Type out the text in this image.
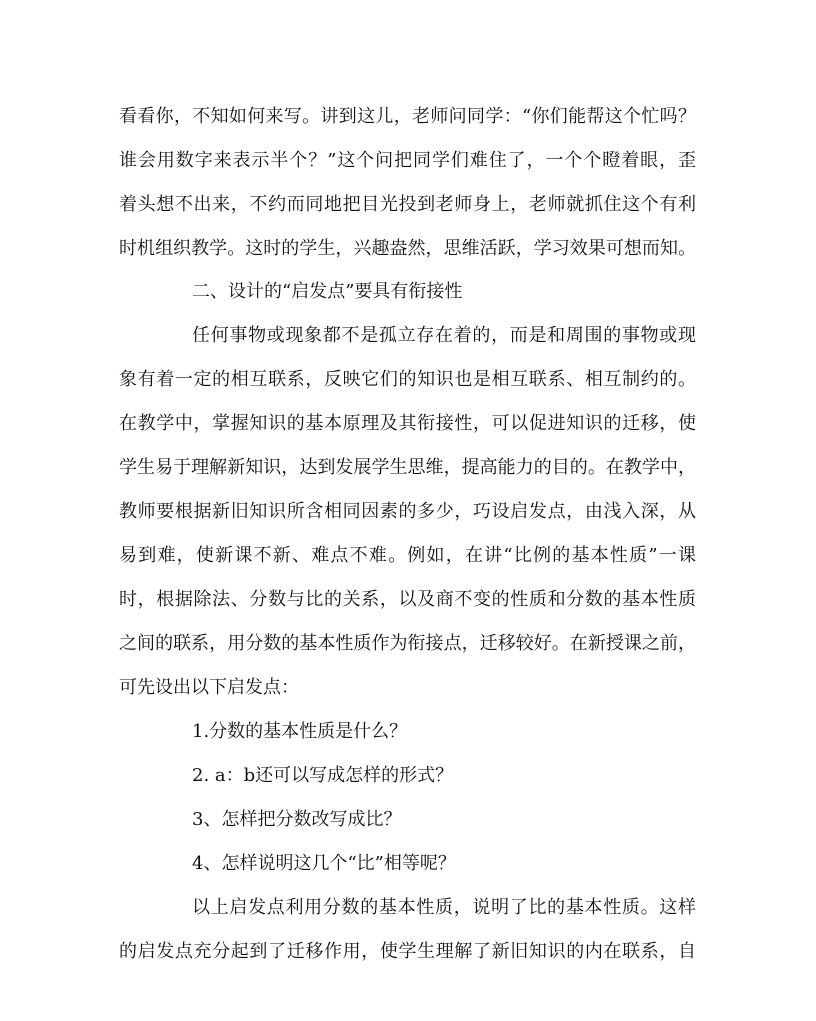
看看你，不知如何来写。讲到这儿，老师问同学：“你们能帮这个忙吗？
谁会用数字来表示半个？”这个问把同学们难住了，一个个瞪着眼，歪
着头想不出来，不约而同地把目光投到老师身上，老师就抓住这个有利
时机组织教学。这时的学生，兴趣盎然，思维活跃，学习效果可想而知。
二、设计的“启发点”要具有衔接性
任何事物或现象都不是孤立存在着的，而是和周围的事物或现
象有着一定的相互联系，反映它们的知识也是相互联系、相互制约的。
在教学中，掌握知识的基本原理及其衔接性，可以促进知识的迁移，使
学生易于理解新知识，达到发展学生思维，提高能力的目的。在教学中，
教师要根据新旧知识所含相同因素的多少，巧设启发点，由浅入深，从
易到难，使新课不新、难点不难。例如，在讲“比例的基本性质”一课
时，根据除法、分数与比的关系，以及商不变的性质和分数的基本性质
之间的联系，用分数的基本性质作为衔接点，迁移较好。在新授课之前，
可先设出以下启发点：
1.分数的基本性质是什么？
2. a：b还可以写成怎样的形式？
3、怎样把分数改写成比？
4、怎样说明这几个“比”相等呢？
以上启发点利用分数的基本性质，说明了比的基本性质。这样
的启发点充分起到了迁移作用，使学生理解了新旧知识的内在联系，自
